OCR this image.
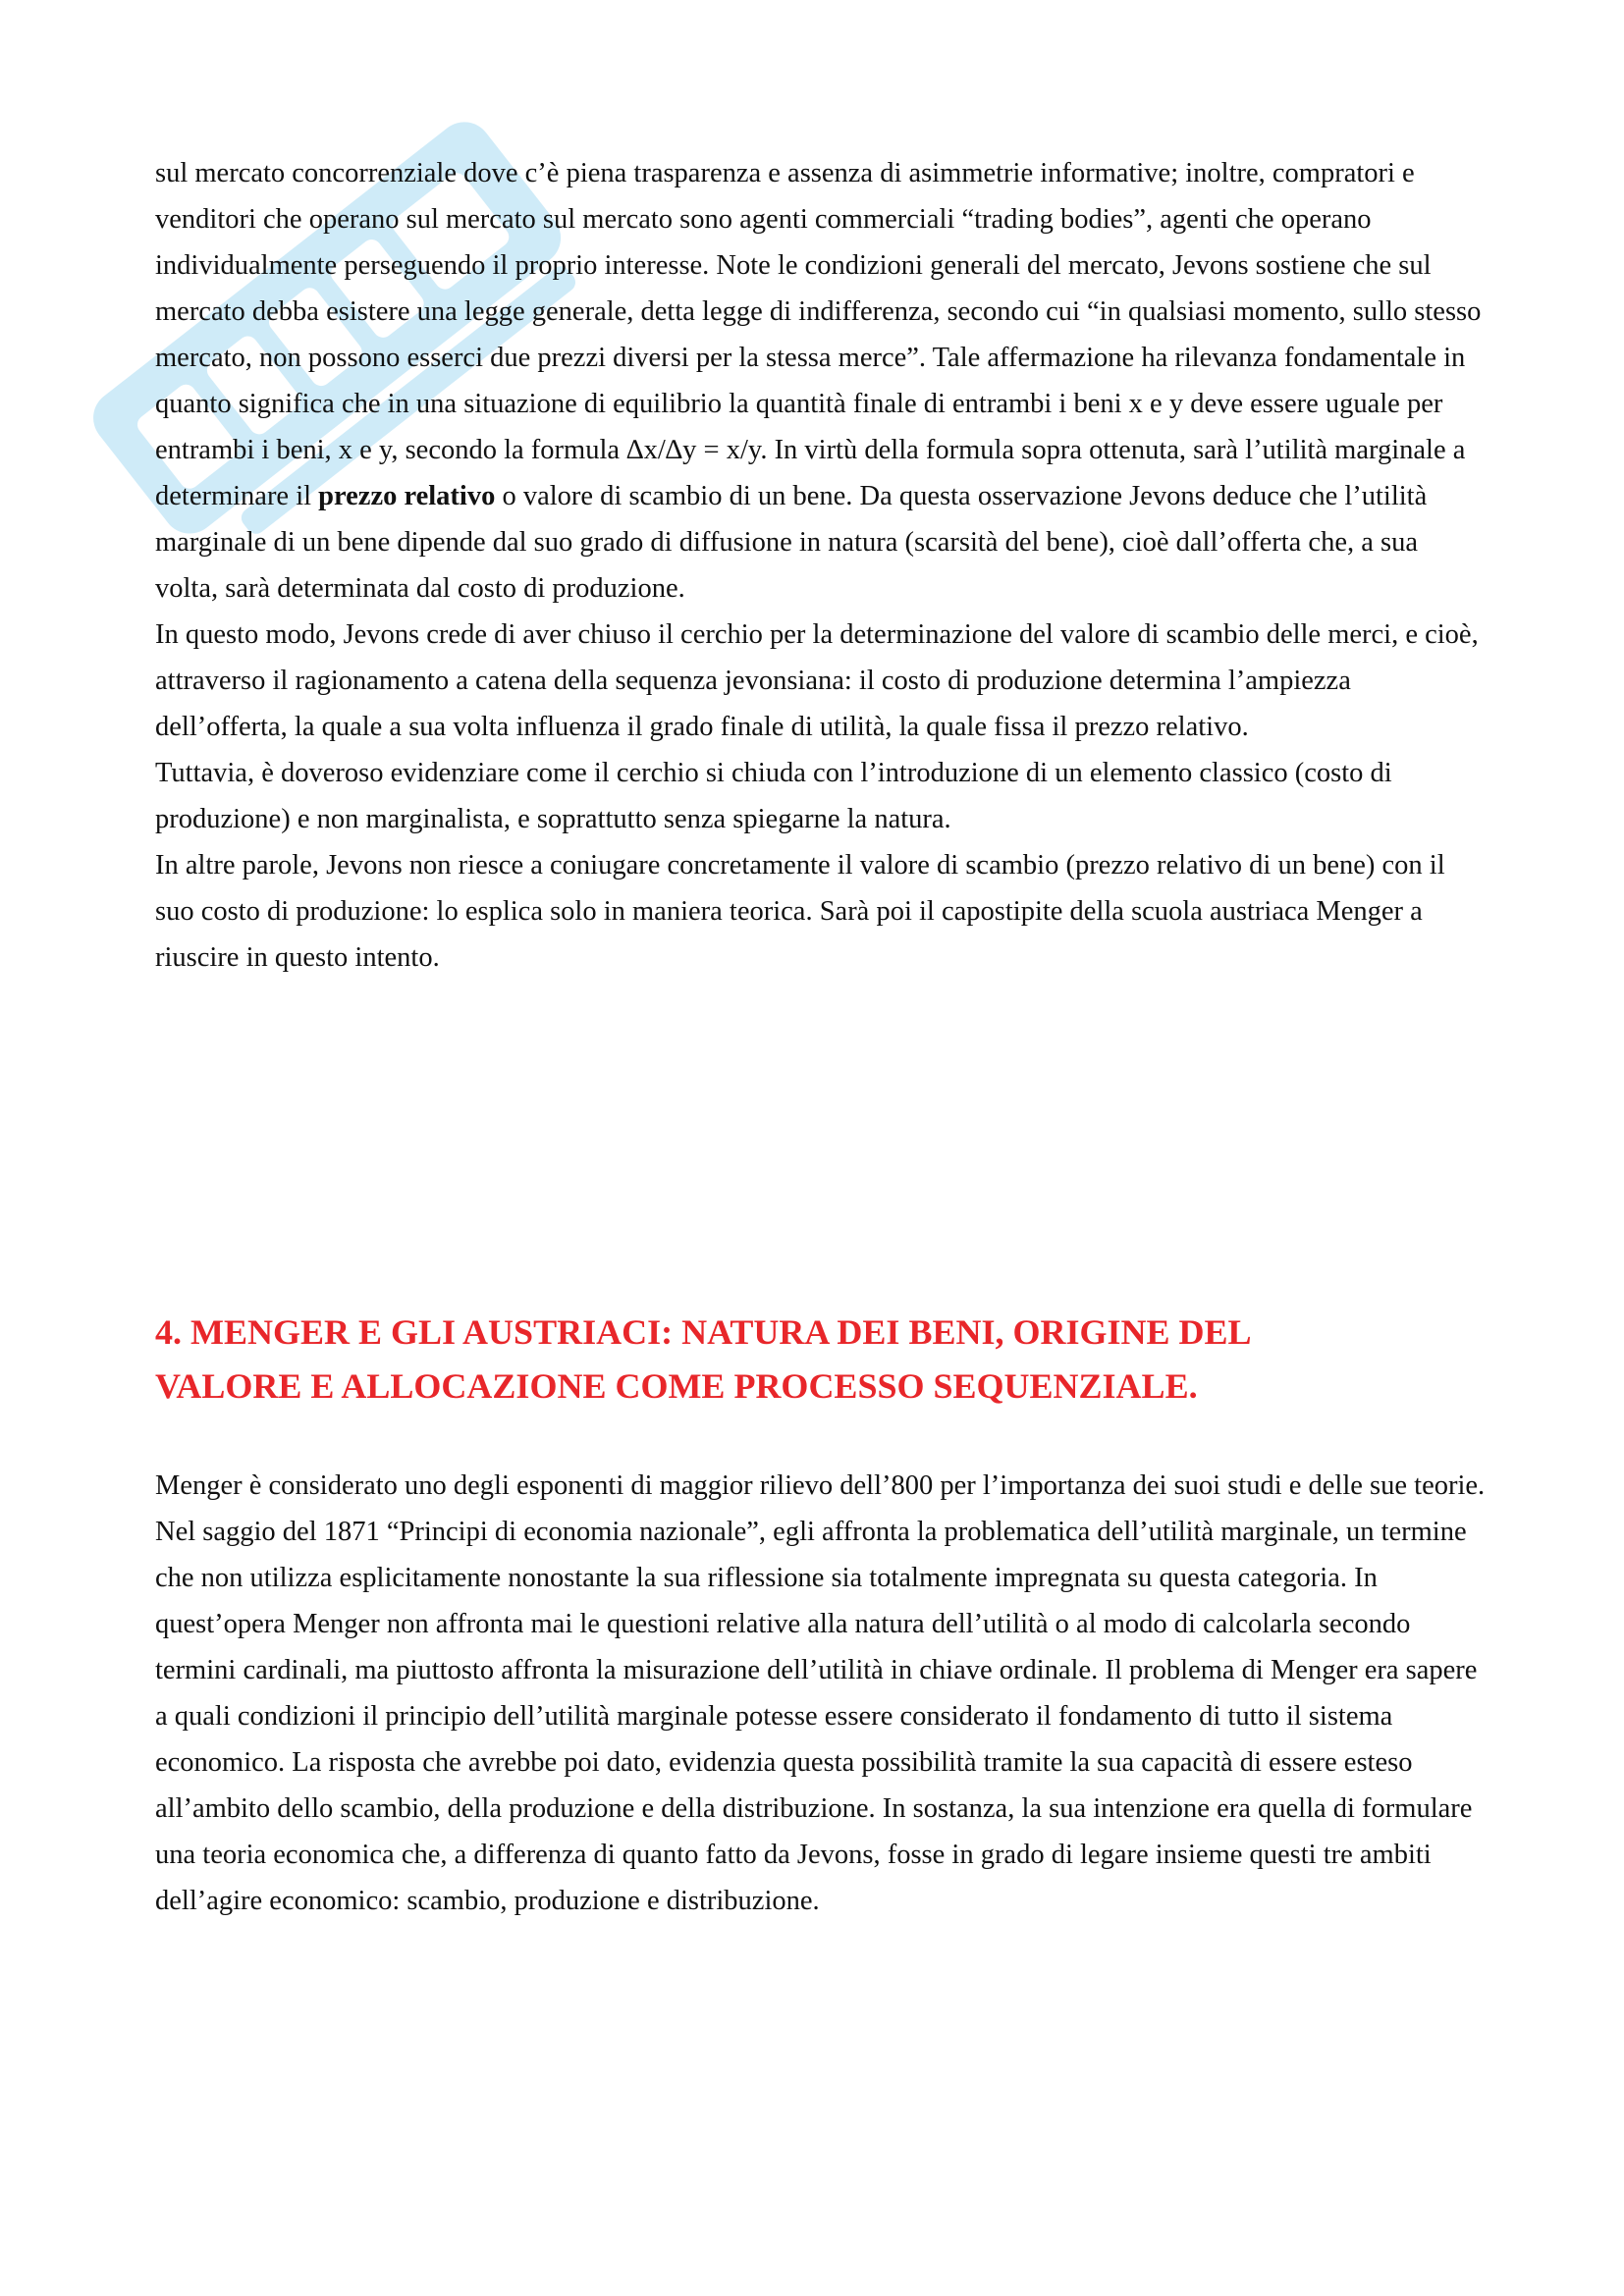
sul mercato concorrenziale dove c’è piena trasparenza e assenza di asimmetrie informative; inoltre, compratori e venditori che operano sul mercato sul mercato sono agenti commerciali “trading bodies”, agenti che operano individualmente perseguendo il proprio interesse. Note le condizioni generali del mercato, Jevons sostiene che sul mercato debba esistere una legge generale, detta legge di indifferenza, secondo cui “in qualsiasi momento, sullo stesso mercato, non possono esserci due prezzi diversi per la stessa merce”. Tale affermazione ha rilevanza fondamentale in quanto significa che in una situazione di equilibrio la quantità finale di entrambi i beni x e y deve essere uguale per entrambi i beni, x e y, secondo la formula ∆x/∆y = x/y. In virtù della formula sopra ottenuta, sarà l’utilità marginale a determinare il prezzo relativo o valore di scambio di un bene. Da questa osservazione Jevons deduce che l’utilità marginale di un bene dipende dal suo grado di diffusione in natura (scarsità del bene), cioè dall’offerta che, a sua volta, sarà determinata dal costo di produzione.

In questo modo, Jevons crede di aver chiuso il cerchio per la determinazione del valore di scambio delle merci, e cioè, attraverso il ragionamento a catena della sequenza jevonsiana: il costo di produzione determina l’ampiezza dell’offerta, la quale a sua volta influenza il grado finale di utilità, la quale fissa il prezzo relativo.

Tuttavia, è doveroso evidenziare come il cerchio si chiuda con l’introduzione di un elemento classico (costo di produzione) e non marginalista, e soprattutto senza spiegarne la natura.

In altre parole, Jevons non riesce a coniugare concretamente il valore di scambio (prezzo relativo di un bene) con il suo costo di produzione: lo esplica solo in maniera teorica. Sarà poi il capostipite della scuola austriaca Menger a riuscire in questo intento.

4. MENGER E GLI AUSTRIACI: NATURA DEI BENI, ORIGINE DEL
VALORE E ALLOCAZIONE COME PROCESSO SEQUENZIALE.

Menger è considerato uno degli esponenti di maggior rilievo dell’800 per l’importanza dei suoi studi e delle sue teorie.

Nel saggio del 1871 “Principi di economia nazionale”, egli affronta la problematica dell’utilità marginale, un termine che non utilizza esplicitamente nonostante la sua riflessione sia totalmente impregnata su questa categoria. In quest’opera Menger non affronta mai le questioni relative alla natura dell’utilità o al modo di calcolarla secondo termini cardinali, ma piuttosto affronta la misurazione dell’utilità in chiave ordinale. Il problema di Menger era sapere a quali condizioni il principio dell’utilità marginale potesse essere considerato il fondamento di tutto il sistema economico. La risposta che avrebbe poi dato, evidenzia questa possibilità tramite la sua capacità di essere esteso all’ambito dello scambio, della produzione e della distribuzione. In sostanza, la sua intenzione era quella di formulare una teoria economica che, a differenza di quanto fatto da Jevons, fosse in grado di legare insieme questi tre ambiti dell’agire economico: scambio, produzione e distribuzione.
